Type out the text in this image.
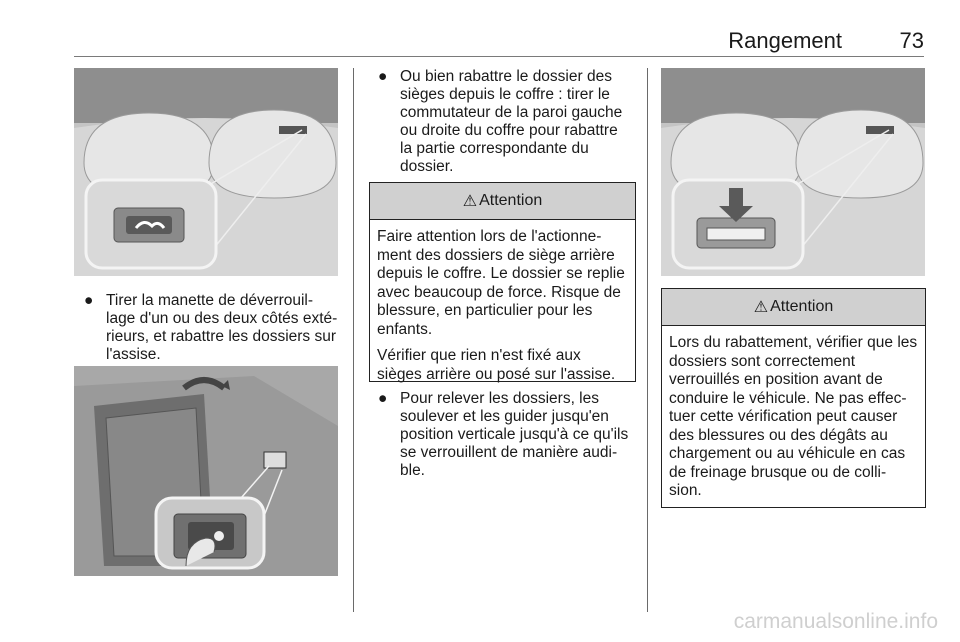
Rangement	73
● Tirer la manette de déverrouil-lage d'un ou des deux côtés exté-rieurs, et rabattre les dossiers sur l'assise.
● Ou bien rabattre le dossier des sièges depuis le coffre : tirer le commutateur de la paroi gauche ou droite du coffre pour rabattre la partie correspondante du dossier.
⚠ Attention

Faire attention lors de l'actionne-ment des dossiers de siège arrière depuis le coffre. Le dossier se replie avec beaucoup de force. Risque de blessure, en particulier pour les enfants.

Vérifier que rien n'est fixé aux sièges arrière ou posé sur l'assise.

● Pour relever les dossiers, les soulever et les guider jusqu'en position verticale jusqu'à ce qu'ils se verrouillent de manière audi-ble.
⚠ Attention

Lors du rabattement, vérifier que les dossiers sont correctement verrouillés en position avant de conduire le véhicule. Ne pas effec-tuer cette vérification peut causer des blessures ou des dégâts au chargement ou au véhicule en cas de freinage brusque ou de colli-sion.

carmanualsonline.info
